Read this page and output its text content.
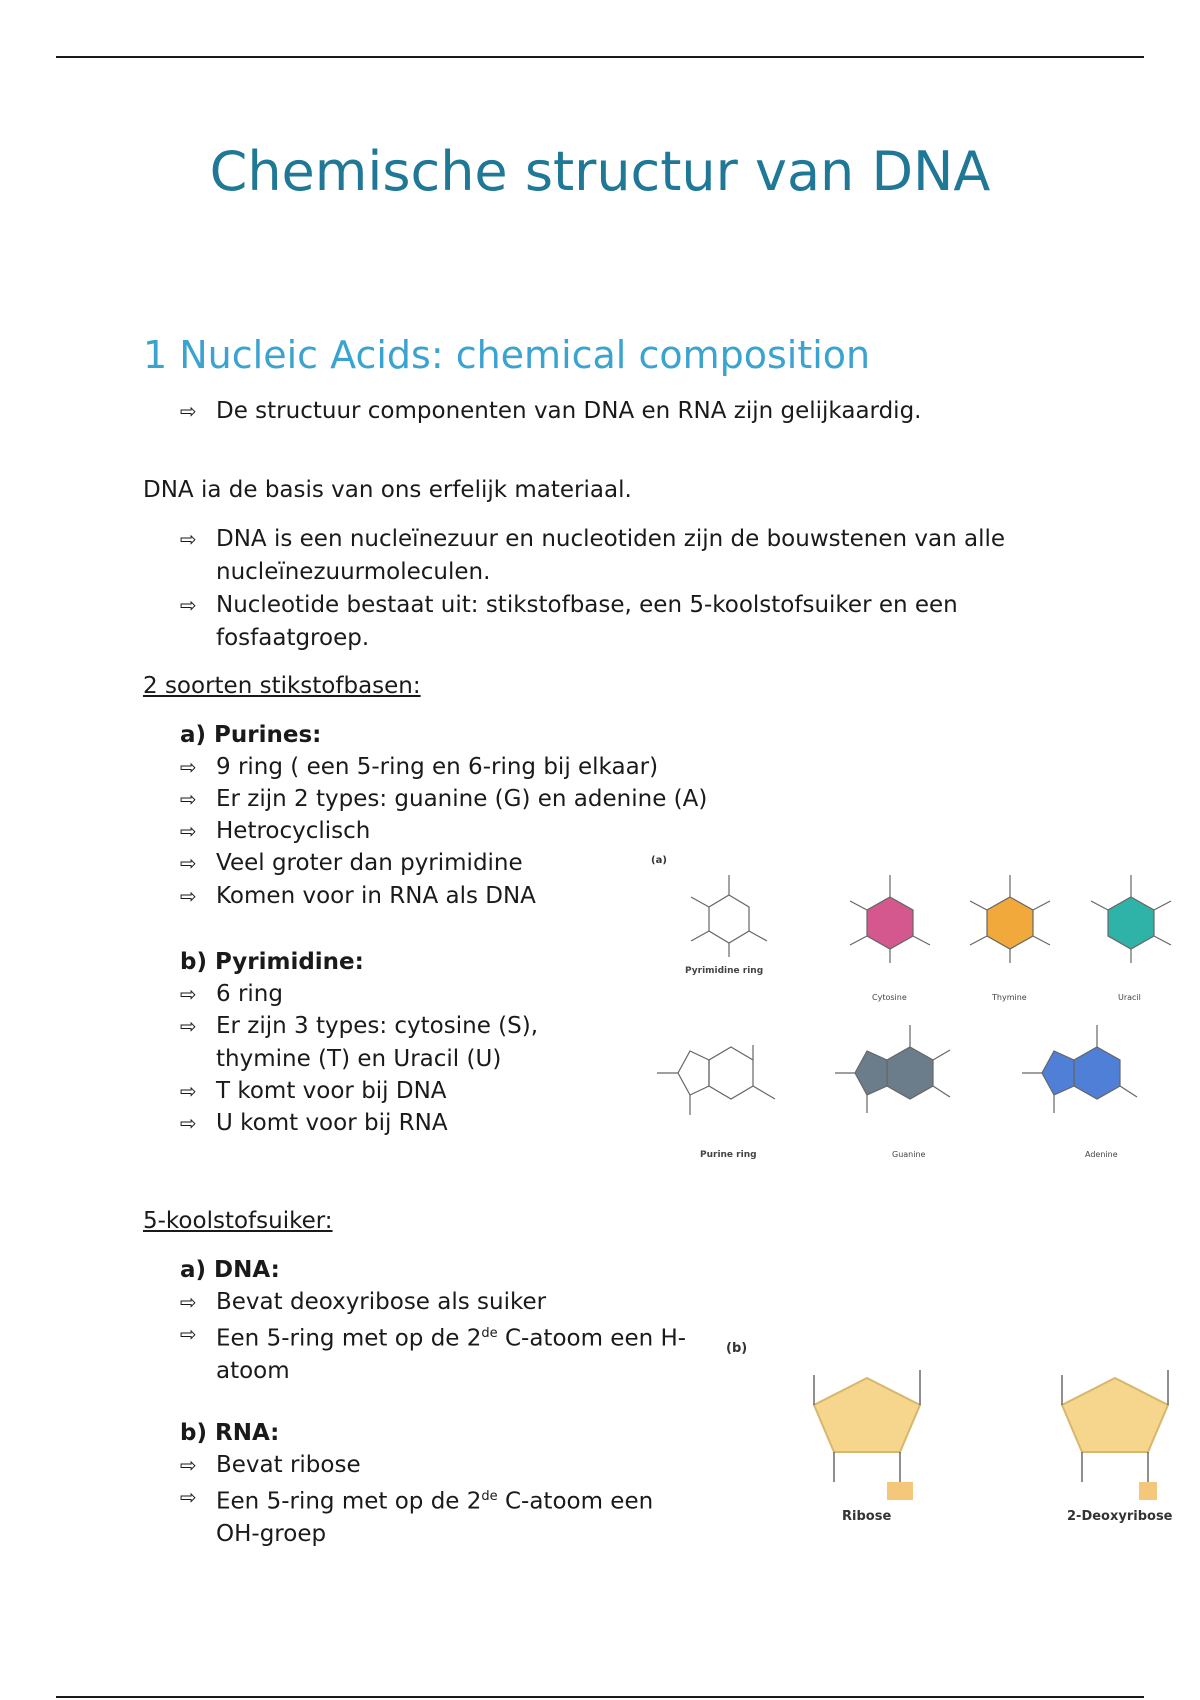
Chemische structur van DNA
1 Nucleic Acids: chemical composition
⇨ De structuur componenten van DNA en RNA zijn gelijkaardig.

DNA ia de basis van ons erfelijk materiaal.

⇨ DNA is een nucleïnezuur en nucleotiden zijn de bouwstenen van alle nucleïnezuurmoleculen.
⇨ Nucleotide bestaat uit: stikstofbase, een 5-koolstofsuiker en een fosfaatgroep.

2 soorten stikstofbasen:

a) Purines:

⇨ 9 ring ( een 5-ring en 6-ring bij elkaar)
⇨ Er zijn 2 types: guanine (G) en adenine (A)
⇨ Hetrocyclisch
⇨ Veel groter dan pyrimidine
⇨ Komen voor in RNA als DNA

b) Pyrimidine:

⇨ 6 ring
⇨ Er zijn 3 types: cytosine (S), thymine (T) en Uracil (U)
⇨ T komt voor bij DNA
⇨ U komt voor bij RNA
(a)
Pyrimidine ring
Cytosine	Thymine	Uracil
Purine ring	Guanine	Adenine

5-koolstofsuiker:

a) DNA:

⇨ Bevat deoxyribose als suiker
⇨ Een 5-ring met op de 2de C-atoom een H-atoom

b) RNA:

⇨ Bevat ribose
⇨ Een 5-ring met op de 2de C-atoom een OH-groep
(b)
Ribose	2-Deoxyribose
